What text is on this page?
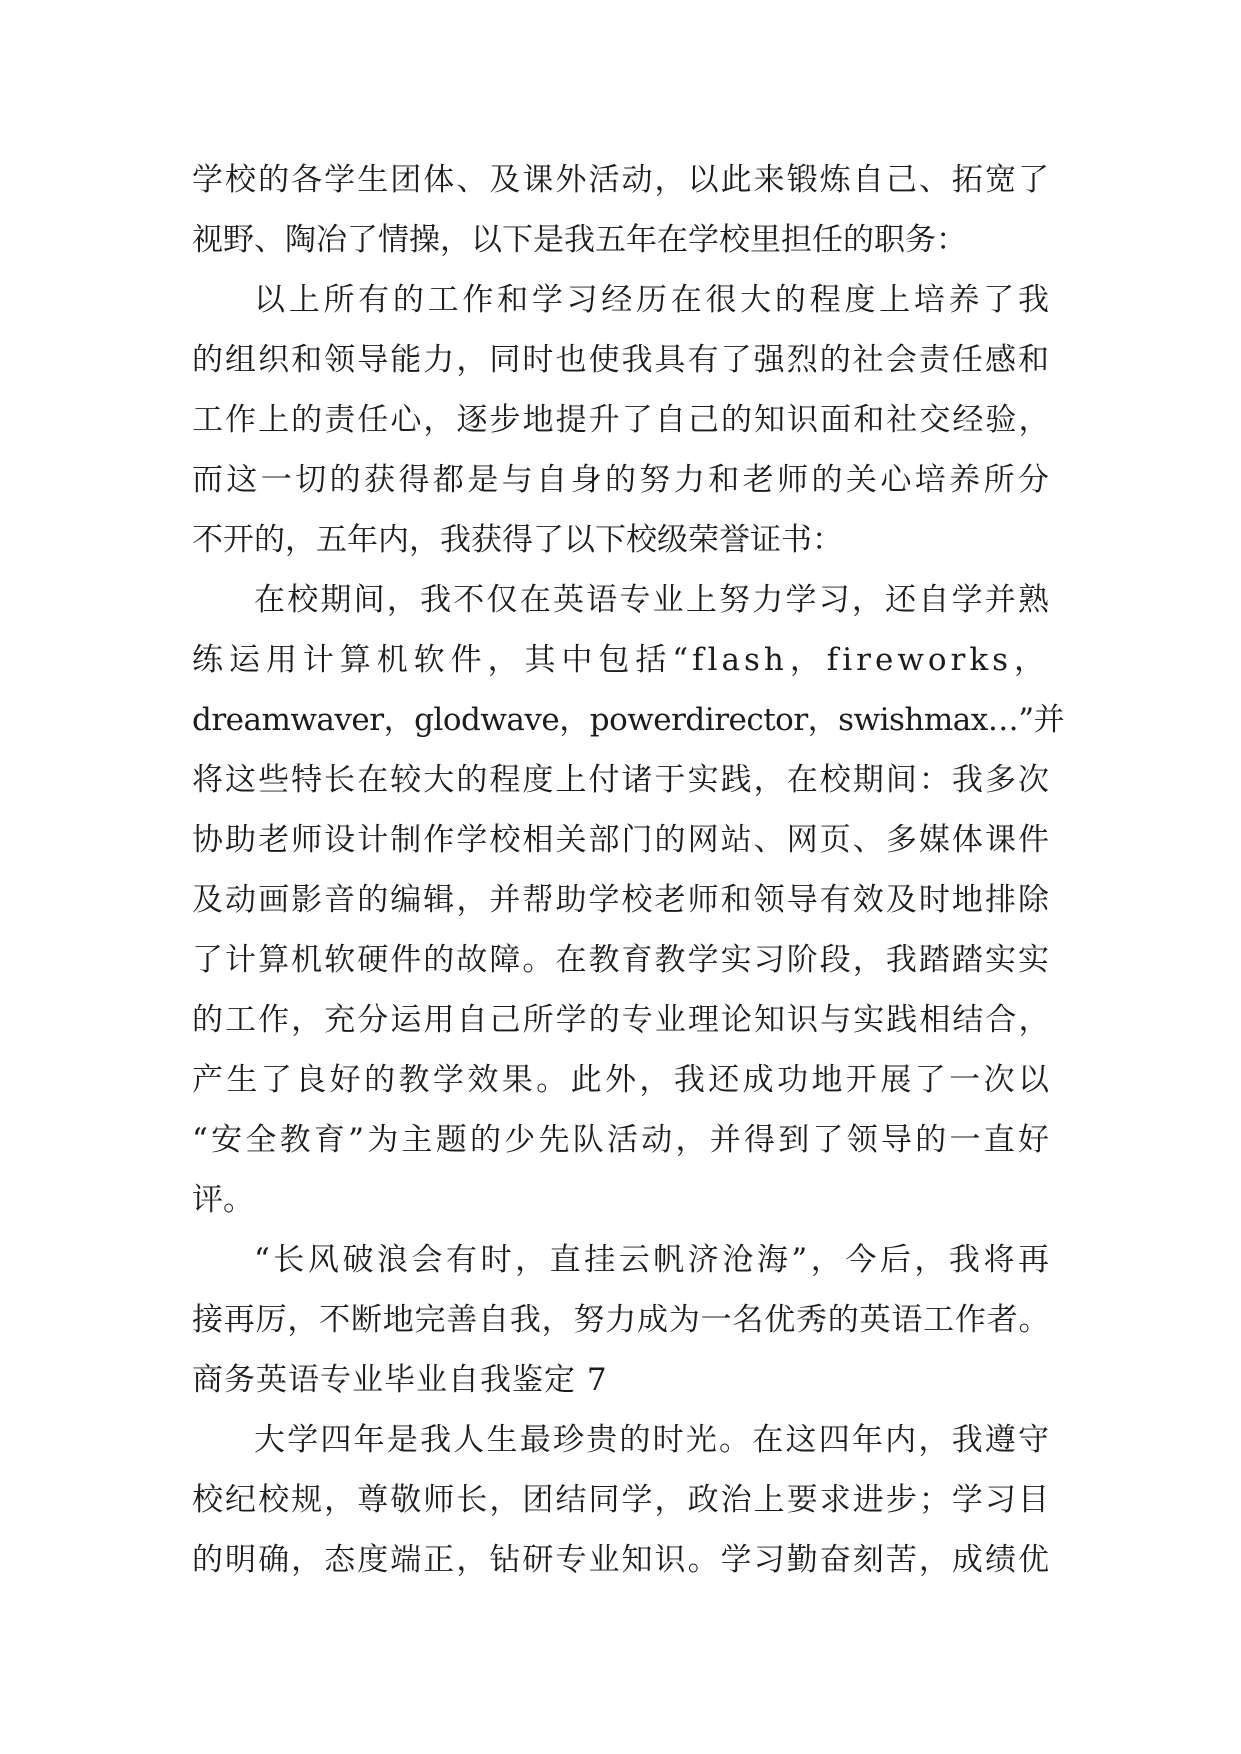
学校的各学生团体、及课外活动，以此来锻炼自己、拓宽了
视野、陶冶了情操，以下是我五年在学校里担任的职务：
以上所有的工作和学习经历在很大的程度上培养了我
的组织和领导能力，同时也使我具有了强烈的社会责任感和
工作上的责任心，逐步地提升了自己的知识面和社交经验，
而这一切的获得都是与自身的努力和老师的关心培养所分
不开的，五年内，我获得了以下校级荣誉证书：
在校期间，我不仅在英语专业上努力学习，还自学并熟
练运用计算机软件，其中包括“flash，fireworks，
dreamwaver，glodwave，powerdirector，swishmax…”并
将这些特长在较大的程度上付诸于实践，在校期间：我多次
协助老师设计制作学校相关部门的网站、网页、多媒体课件
及动画影音的编辑，并帮助学校老师和领导有效及时地排除
了计算机软硬件的故障。在教育教学实习阶段，我踏踏实实
的工作，充分运用自己所学的专业理论知识与实践相结合，
产生了良好的教学效果。此外，我还成功地开展了一次以
“安全教育”为主题的少先队活动，并得到了领导的一直好
评。
“长风破浪会有时，直挂云帆济沧海”，今后，我将再
接再厉，不断地完善自我，努力成为一名优秀的英语工作者。
商务英语专业毕业自我鉴定 7
大学四年是我人生最珍贵的时光。在这四年内，我遵守
校纪校规，尊敬师长，团结同学，政治上要求进步；学习目
的明确，态度端正，钻研专业知识。学习勤奋刻苦，成绩优
